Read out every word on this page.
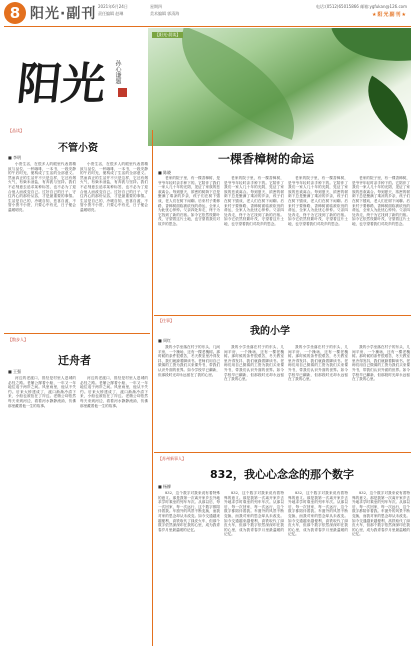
8 阳光·副刊 2021年6月24日
责任编辑 赵琳
星期四
美术编辑 郭清海
电话:(0512)65015866 邮箱:ygfukan@126.com
★阳光副刊★
阳光 孙心谦题
【阳光·晨读】
【品读】
不管小资
■ 李明

小资生活，在很多人的眼里代表着精致与品位，一杯咖啡，一本书，一段安静的午后时光，便构成了生活的全部意义。然而真正的生活并不只是这样，它还有烟火气，有柴米油盐，有奔波与坚持。我们不必刻意去追求某种标签，也不必为了迎合他人而改变自己。过好自己的日子，守住内心的那份从容，才是最重要的事情。生活是自己的，冷暖自知，悲喜自渡，不管小资不小资，只要心中有光，日子便会温暖明亮。

小资生活，在很多人的眼里代表着精致与品位，一杯咖啡，一本书，一段安静的午后时光，便构成了生活的全部意义。然而真正的生活并不只是这样，它还有烟火气，有柴米油盐，有奔波与坚持。我们不必刻意去追求某种标签，也不必为了迎合他人而改变自己。过好自己的日子，守住内心的那份从容，才是最重要的事情。生活是自己的，冷暖自知，悲喜自渡，不管小资不小资，只要心中有光，日子便会温暖明亮。

一棵香樟树的命运
■ 陈晓

老家的院子里，有一棵香樟树，是爷爷年轻时亲手种下的。它陪伴了我们一家人几十年的光阴，见证了家族的悲欢离合。每到夏天，浓密的树荫下总是聚满了乘凉的乡亲，孩子们在树下嬉戏，老人们在树下闲聊。后来村子要修路，香樟树面临被砍伐的命运，全家人为此忧心忡忡。父亲四处奔走，终于为它找到了新的归宿。如今它依然枝繁叶茂，守望着这片土地，也守望着我们对故乡的思念。

老家的院子里，有一棵香樟树，是爷爷年轻时亲手种下的。它陪伴了我们一家人几十年的光阴，见证了家族的悲欢离合。每到夏天，浓密的树荫下总是聚满了乘凉的乡亲，孩子们在树下嬉戏，老人们在树下闲聊。后来村子要修路，香樟树面临被砍伐的命运，全家人为此忧心忡忡。父亲四处奔走，终于为它找到了新的归宿。如今它依然枝繁叶茂，守望着这片土地，也守望着我们对故乡的思念。

老家的院子里，有一棵香樟树，是爷爷年轻时亲手种下的。它陪伴了我们一家人几十年的光阴，见证了家族的悲欢离合。每到夏天，浓密的树荫下总是聚满了乘凉的乡亲，孩子们在树下嬉戏，老人们在树下闲聊。后来村子要修路，香樟树面临被砍伐的命运，全家人为此忧心忡忡。父亲四处奔走，终于为它找到了新的归宿。如今它依然枝繁叶茂，守望着这片土地，也守望着我们对故乡的思念。

老家的院子里，有一棵香樟树，是爷爷年轻时亲手种下的。它陪伴了我们一家人几十年的光阴，见证了家族的悲欢离合。每到夏天，浓密的树荫下总是聚满了乘凉的乡亲，孩子们在树下嬉戏，老人们在树下闲聊。后来村子要修路，香樟树面临被砍伐的命运，全家人为此忧心忡忡。父亲四处奔走，终于为它找到了新的归宿。如今它依然枝繁叶茂，守望着这片土地，也守望着我们对故乡的思念。

【散步人】
迁舟者
■ 王强

河边的老渡口，曾经是村里人进城的必经之路。老艄公撑着小船，一年又一年地往返于两岸之间。风里雨里，他从不失约。后来大桥建成了，渡口渐渐冷清下来，小船也被拴在了岸边。老艄公却依然每天来到河边，看着河水静静流淌，仿佛那里藏着他一生的故事。

河边的老渡口，曾经是村里人进城的必经之路。老艄公撑着小船，一年又一年地往返于两岸之间。风里雨里，他从不失约。后来大桥建成了，渡口渐渐冷清下来，小船也被拴在了岸边。老艄公却依然每天来到河边，看着河水静静流淌，仿佛那里藏着他一生的故事。

【往事】
我的小学
■ 周红

我的小学坐落在村子的东头，几间平房，一个操场，还有一棵老槐树。那时候的条件很艰苦，冬天教室里冷得发抖，我们就跺着脚读书。老师们用自己微薄的工资为我们买来课外书，带我们认识外面的世界。如今学校早已翻新，但那段时光却永远留在了我的心里。

我的小学坐落在村子的东头，几间平房，一个操场，还有一棵老槐树。那时候的条件很艰苦，冬天教室里冷得发抖，我们就跺着脚读书。老师们用自己微薄的工资为我们买来课外书，带我们认识外面的世界。如今学校早已翻新，但那段时光却永远留在了我的心里。

我的小学坐落在村子的东头，几间平房，一个操场，还有一棵老槐树。那时候的条件很艰苦，冬天教室里冷得发抖，我们就跺着脚读书。老师们用自己微薄的工资为我们买来课外书，带我们认识外面的世界。如今学校早已翻新，但那段时光却永远留在了我的心里。

我的小学坐落在村子的东头，几间平房，一个操场，还有一棵老槐树。那时候的条件很艰苦，冬天教室里冷得发抖，我们就跺着脚读书。老师们用自己微薄的工资为我们买来课外书，带我们认识外面的世界。如今学校早已翻新，但那段时光却永远留在了我的心里。

【苏州新事人】
832，我心心念念的那个数字
■ 杨柳

832，这个数字对我来说有着特殊的意义。那是我第一次离开家乡去外地求学时乘坐的列车车次。从那以后，每一次回家，每一次远行，这个数字都陪伴着我。车窗外的风景不断变换，而我对家的思念却从未改变。如今交通越来越便利，高铁取代了绿皮火车，但那个数字依然深深印在我的心里，成为我青春岁月里最温暖的记忆。

832，这个数字对我来说有着特殊的意义。那是我第一次离开家乡去外地求学时乘坐的列车车次。从那以后，每一次回家，每一次远行，这个数字都陪伴着我。车窗外的风景不断变换，而我对家的思念却从未改变。如今交通越来越便利，高铁取代了绿皮火车，但那个数字依然深深印在我的心里，成为我青春岁月里最温暖的记忆。

832，这个数字对我来说有着特殊的意义。那是我第一次离开家乡去外地求学时乘坐的列车车次。从那以后，每一次回家，每一次远行，这个数字都陪伴着我。车窗外的风景不断变换，而我对家的思念却从未改变。如今交通越来越便利，高铁取代了绿皮火车，但那个数字依然深深印在我的心里，成为我青春岁月里最温暖的记忆。

832，这个数字对我来说有着特殊的意义。那是我第一次离开家乡去外地求学时乘坐的列车车次。从那以后，每一次回家，每一次远行，这个数字都陪伴着我。车窗外的风景不断变换，而我对家的思念却从未改变。如今交通越来越便利，高铁取代了绿皮火车，但那个数字依然深深印在我的心里，成为我青春岁月里最温暖的记忆。
